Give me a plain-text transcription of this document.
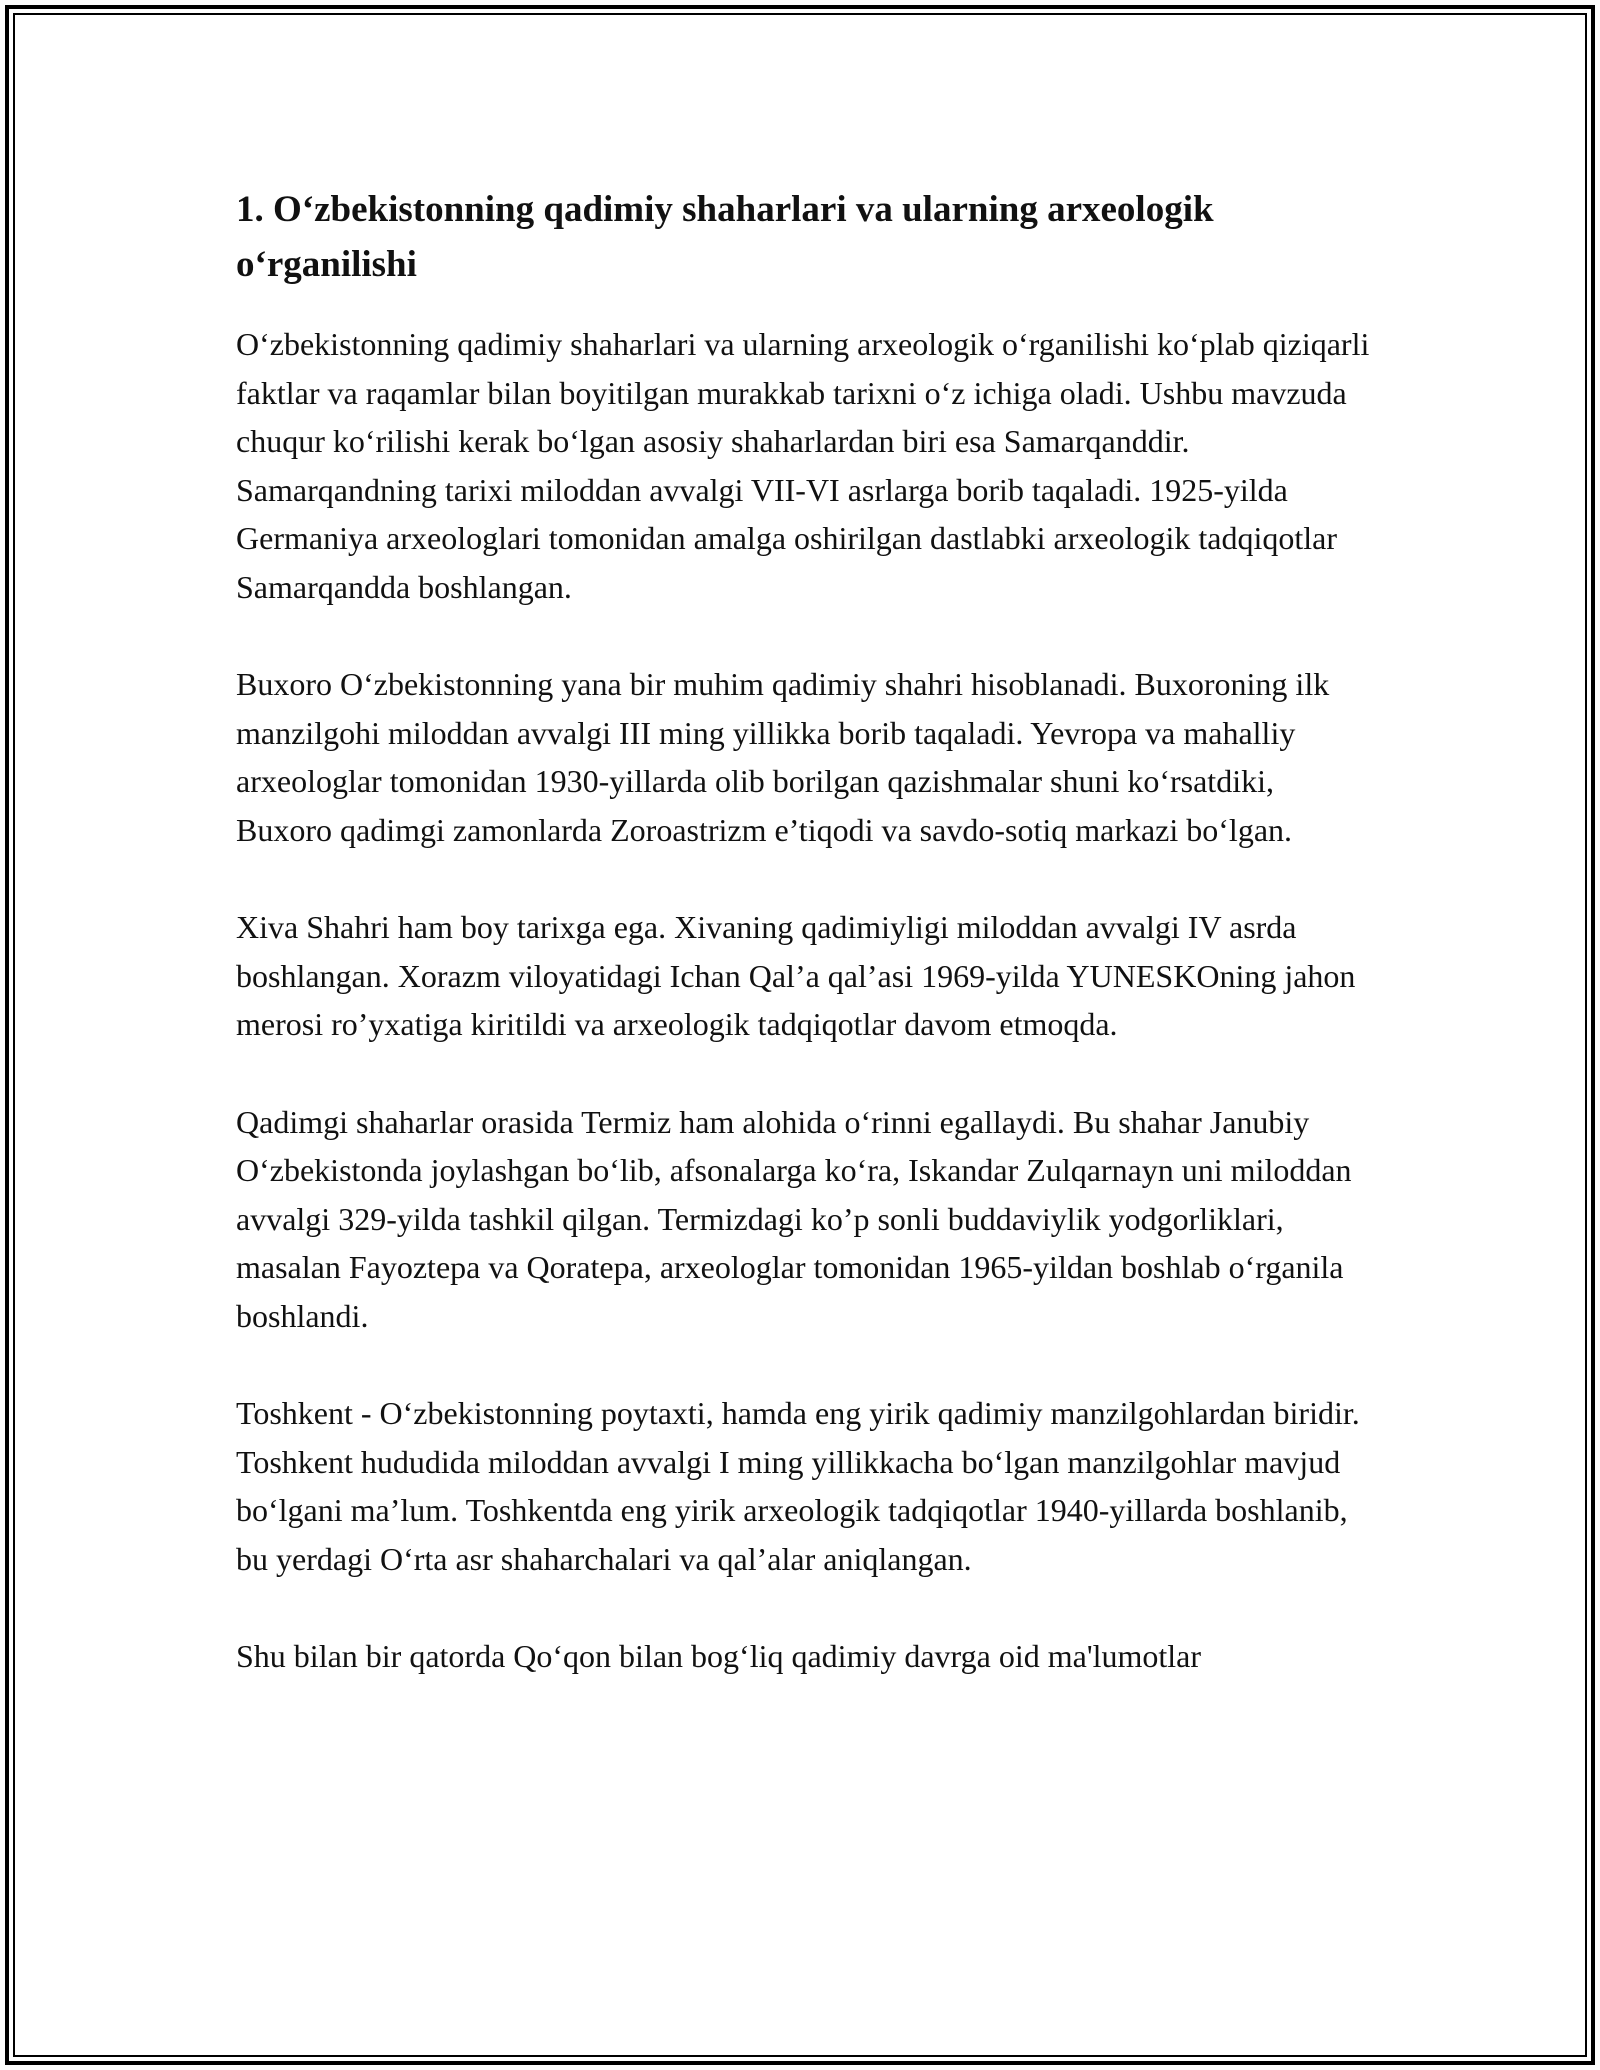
1. O‘zbekistonning qadimiy shaharlari va ularning arxeologik o‘rganilishi

O‘zbekistonning qadimiy shaharlari va ularning arxeologik o‘rganilishi ko‘plab qiziqarli faktlar va raqamlar bilan boyitilgan murakkab tarixni o‘z ichiga oladi. Ushbu mavzuda chuqur ko‘rilishi kerak bo‘lgan asosiy shaharlardan biri esa Samarqanddir. Samarqandning tarixi miloddan avvalgi VII-VI asrlarga borib taqaladi. 1925-yilda Germaniya arxeologlari tomonidan amalga oshirilgan dastlabki arxeologik tadqiqotlar Samarqandda boshlangan.

Buxoro O‘zbekistonning yana bir muhim qadimiy shahri hisoblanadi. Buxoroning ilk manzilgohi miloddan avvalgi III ming yillikka borib taqaladi. Yevropa va mahalliy arxeologlar tomonidan 1930-yillarda olib borilgan qazishmalar shuni ko‘rsatdiki, Buxoro qadimgi zamonlarda Zoroastrizm e’tiqodi va savdo-sotiq markazi bo‘lgan.

Xiva Shahri ham boy tarixga ega. Xivaning qadimiyligi miloddan avvalgi IV asrda boshlangan. Xorazm viloyatidagi Ichan Qal’a qal’asi 1969-yilda YUNESKOning jahon merosi ro’yxatiga kiritildi va arxeologik tadqiqotlar davom etmoqda.

Qadimgi shaharlar orasida Termiz ham alohida o‘rinni egallaydi. Bu shahar Janubiy O‘zbekistonda joylashgan bo‘lib, afsonalarga ko‘ra, Iskandar Zulqarnayn uni miloddan avvalgi 329-yilda tashkil qilgan. Termizdagi ko’p sonli buddaviylik yodgorliklari, masalan Fayoztepa va Qoratepa, arxeologlar tomonidan 1965-yildan boshlab o‘rganila boshlandi.

Toshkent - O‘zbekistonning poytaxti, hamda eng yirik qadimiy manzilgohlardan biridir. Toshkent hududida miloddan avvalgi I ming yillikkacha bo‘lgan manzilgohlar mavjud bo‘lgani ma’lum. Toshkentda eng yirik arxeologik tadqiqotlar 1940-yillarda boshlanib, bu yerdagi O‘rta asr shaharchalari va qal’alar aniqlangan.

Shu bilan bir qatorda Qo‘qon bilan bog‘liq qadimiy davrga oid ma'lumotlar
